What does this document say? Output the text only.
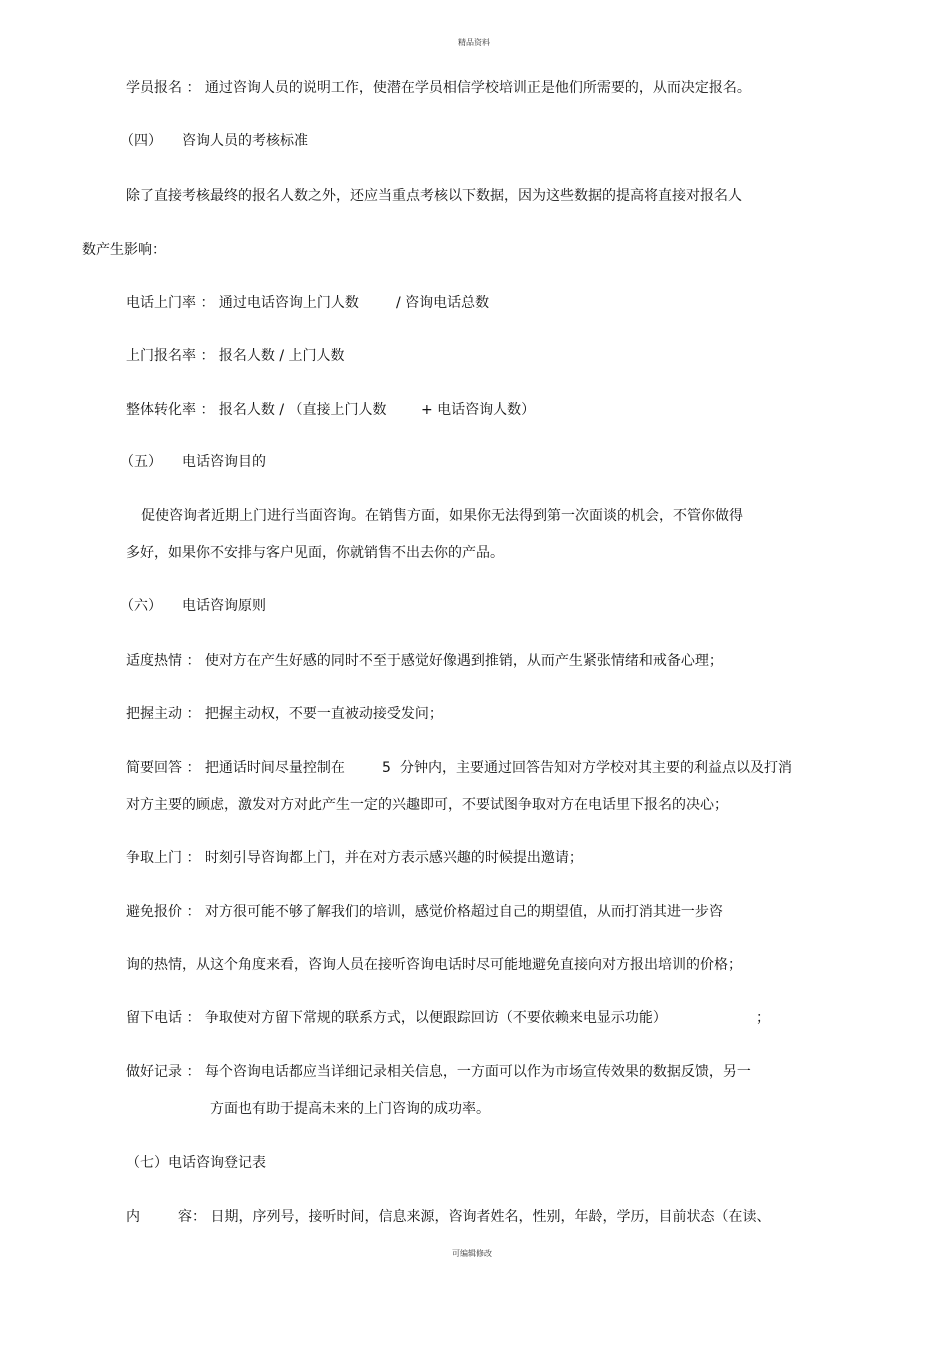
精品资料
学员报名 ： 通过咨询人员的说明工作，使潜在学员相信学校培训正是他们所需要的，从而决定报名。
（四） 咨询人员的考核标准
除了直接考核最终的报名人数之外，还应当重点考核以下数据，因为这些数据的提高将直接对报名人
数产生影响：
电话上门率 ： 通过电话咨询上门人数	/ 咨询电话总数
上门报名率 ： 报名人数 / 上门人数
整体转化率 ： 报名人数 / （直接上门人数 + 电话咨询人数）
（五） 电话咨询目的
促使咨询者近期上门进行当面咨询。在销售方面，如果你无法得到第一次面谈的机会，不管你做得
多好，如果你不安排与客户见面，你就销售不出去你的产品。
（六） 电话咨询原则
适度热情 ： 使对方在产生好感的同时不至于感觉好像遇到推销，从而产生紧张情绪和戒备心理；
把握主动 ： 把握主动权，不要一直被动接受发问；
简要回答 ： 把通话时间尽量控制在	5 分钟内，主要通过回答告知对方学校对其主要的利益点以及打消
对方主要的顾虑，激发对方对此产生一定的兴趣即可，不要试图争取对方在电话里下报名的决心；
争取上门 ： 时刻引导咨询都上门，并在对方表示感兴趣的时候提出邀请；
避免报价 ： 对方很可能不够了解我们的培训，感觉价格超过自己的期望值，从而打消其进一步咨
询的热情，从这个角度来看，咨询人员在接听咨询电话时尽可能地避免直接向对方报出培训的价格；
留下电话 ： 争取使对方留下常规的联系方式，以便跟踪回访（不要依赖来电显示功能）	；
做好记录 ： 每个咨询电话都应当详细记录相关信息，一方面可以作为市场宣传效果的数据反馈，另一
方面也有助于提高未来的上门咨询的成功率。
（七）电话咨询登记表
内	容： 日期，序列号，接听时间，信息来源，咨询者姓名，性别，年龄，学历，目前状态（在读、
可编辑修改
